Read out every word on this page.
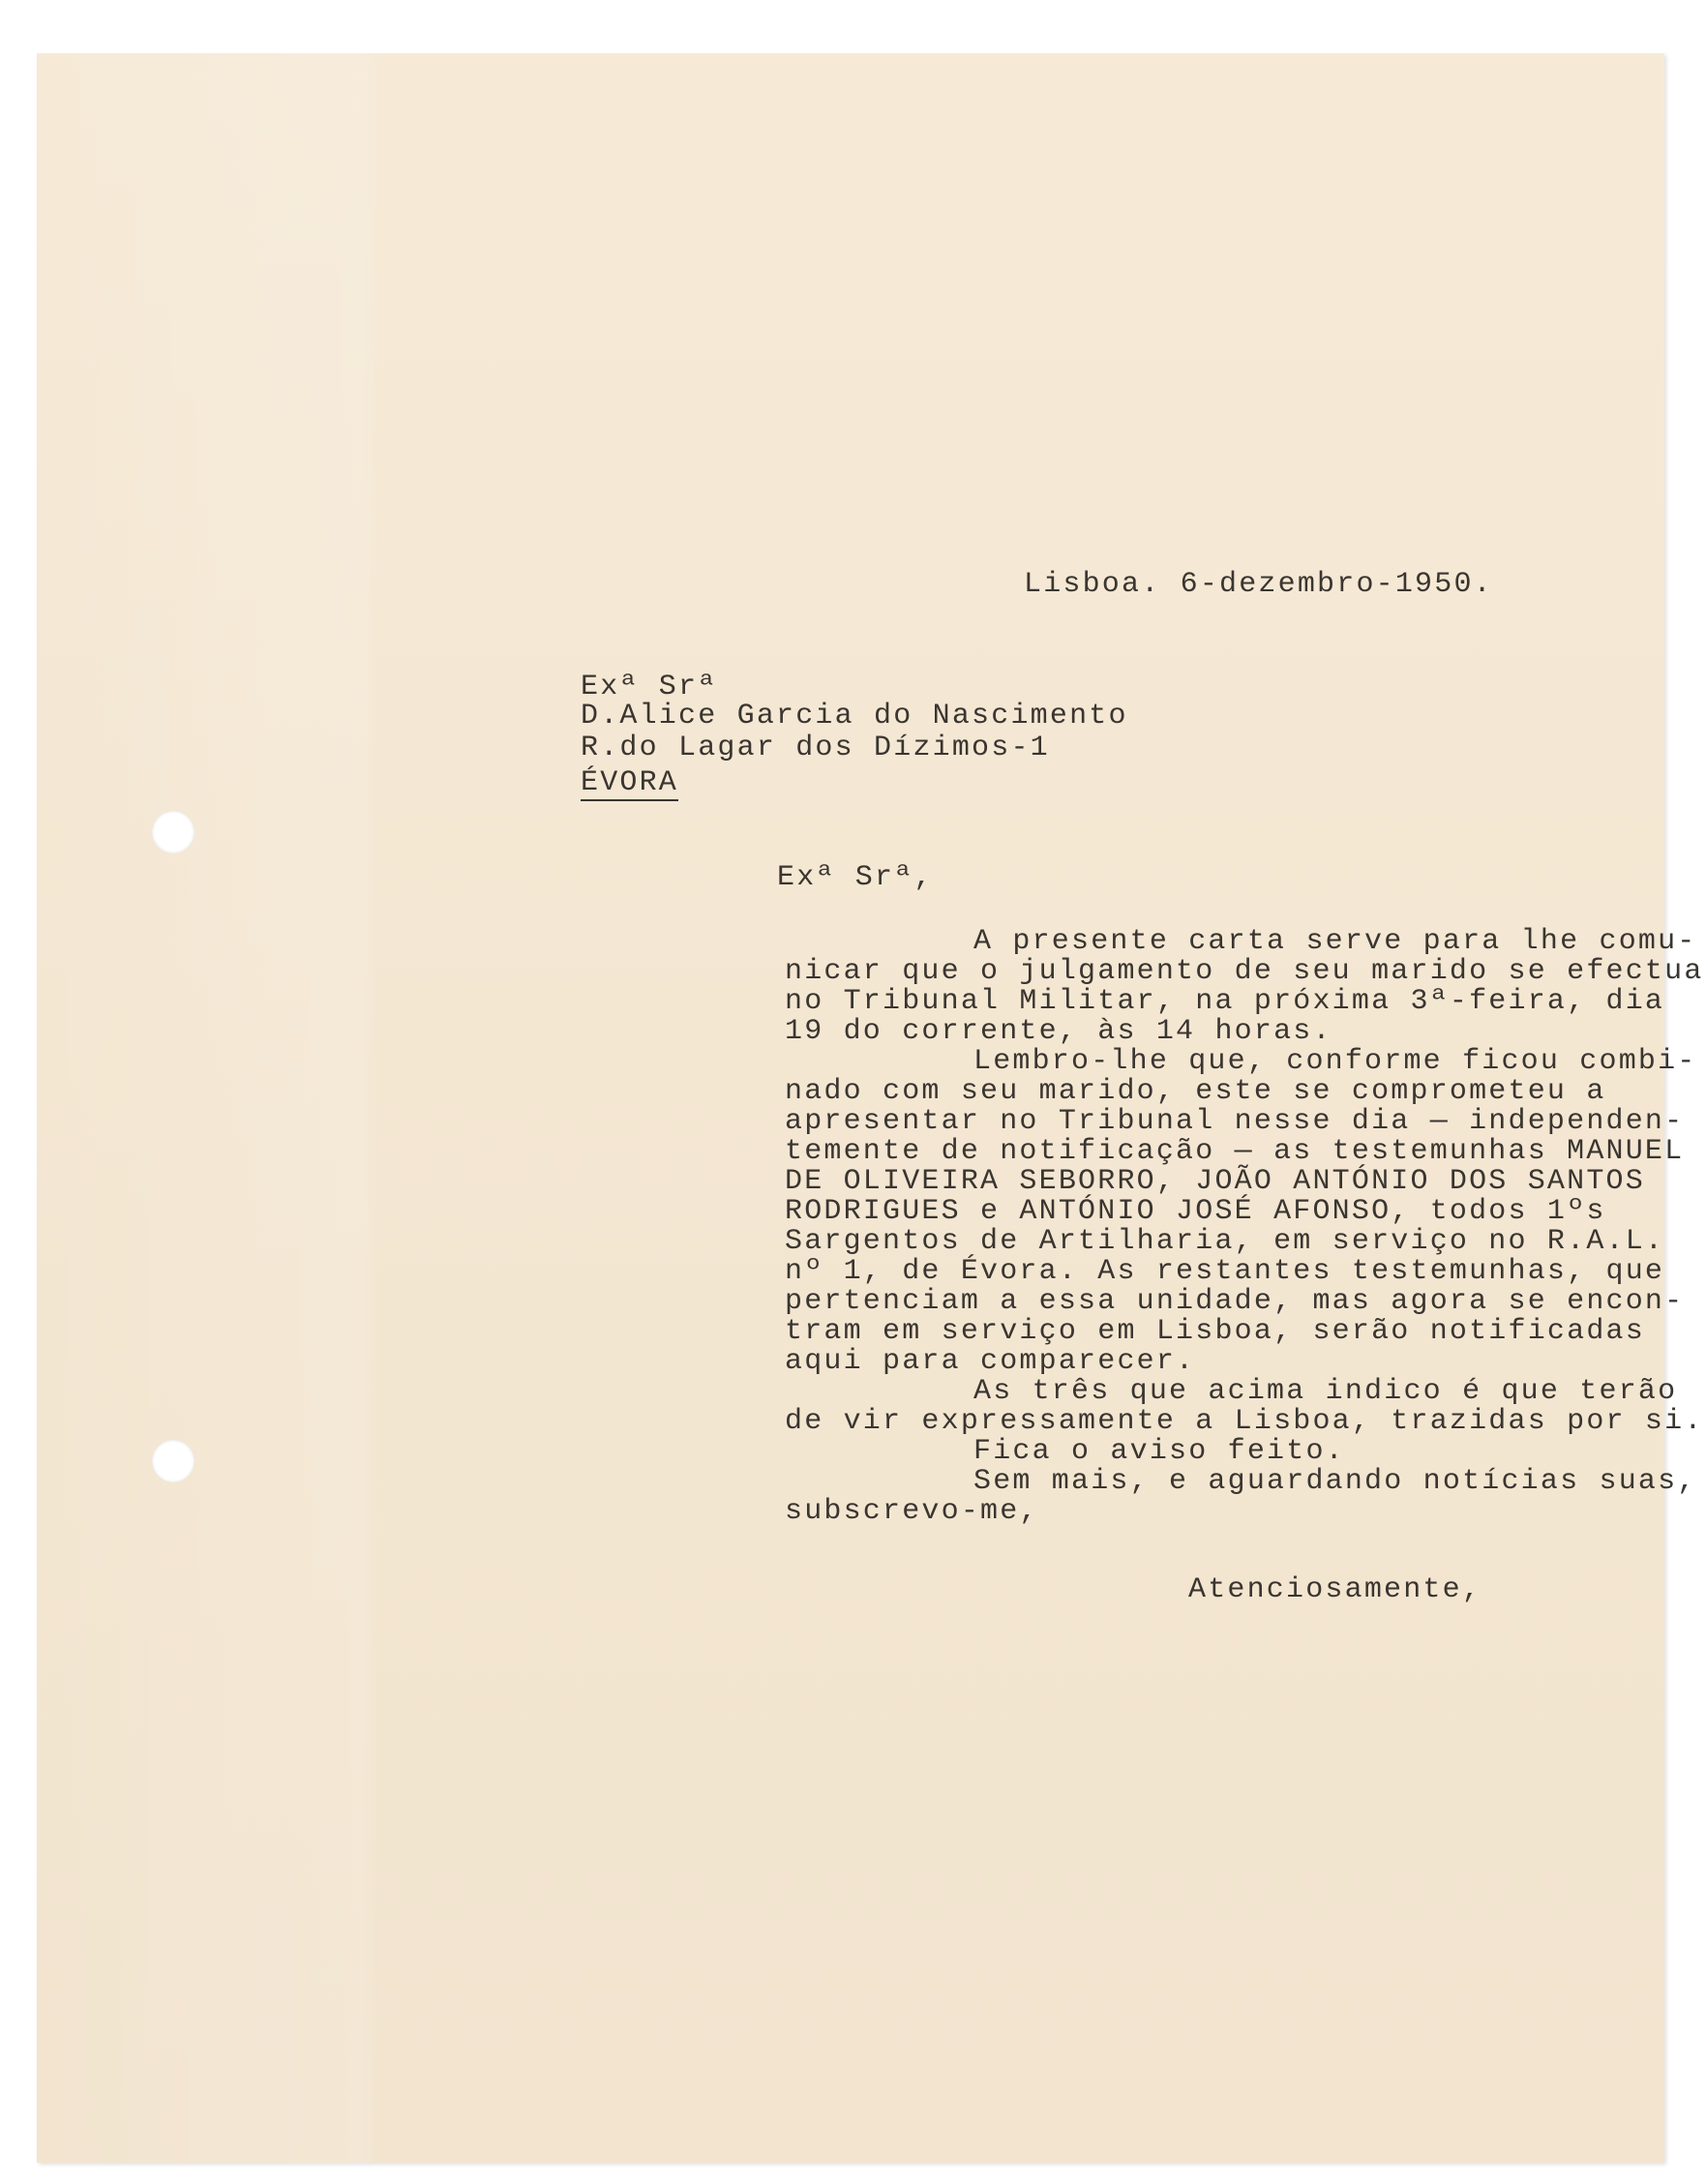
Lisboa. 6-dezembro-1950.

Exª Srª

D.Alice Garcia do Nascimento

R.do Lagar dos Dízimos-1

ÉVORA

Exª Srª,

A presente carta serve para lhe comu-

nicar que o julgamento de seu marido se efectua

no Tribunal Militar, na próxima 3ª-feira, dia

19 do corrente, às 14 horas.

Lembro-lhe que, conforme ficou combi-

nado com seu marido, este se comprometeu a

apresentar no Tribunal nesse dia — independen-

temente de notificação — as testemunhas MANUEL

DE OLIVEIRA SEBORRO, JOÃO ANTÓNIO DOS SANTOS

RODRIGUES e ANTÓNIO JOSÉ AFONSO, todos 1ºs

Sargentos de Artilharia, em serviço no R.A.L.

nº 1, de Évora. As restantes testemunhas, que

pertenciam a essa unidade, mas agora se encon-

tram em serviço em Lisboa, serão notificadas

aqui para comparecer.

As três que acima indico é que terão

de vir expressamente a Lisboa, trazidas por si.

Fica o aviso feito.

Sem mais, e aguardando notícias suas,

subscrevo-me,

Atenciosamente,
